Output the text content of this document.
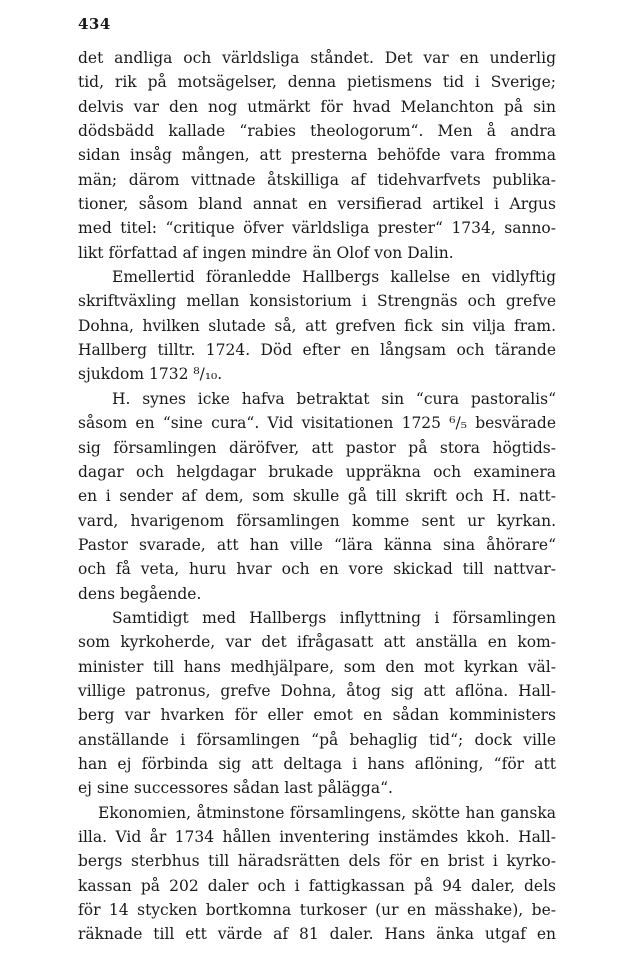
434
det andliga och världsliga ståndet. Det var en underlig
tid, rik på motsägelser, denna pietismens tid i Sverige;
delvis var den nog utmärkt för hvad Melanchton på sin
dödsbädd kallade “rabies theologorum“. Men å andra
sidan insåg mången, att presterna behöfde vara fromma
män; därom vittnade åtskilliga af tidehvarfvets publika-
tioner, såsom bland annat en versifierad artikel i Argus
med titel: “critique öfver världsliga prester“ 1734, sanno-
likt författad af ingen mindre än Olof von Dalin.
Emellertid föranledde Hallbergs kallelse en vidlyftig
skriftväxling mellan konsistorium i Strengnäs och grefve
Dohna, hvilken slutade så, att grefven fick sin vilja fram.
Hallberg tilltr. 1724. Död efter en långsam och tärande
sjukdom 1732 ⁸/₁₀.
H. synes icke hafva betraktat sin “cura pastoralis“
såsom en “sine cura“. Vid visitationen 1725 ⁶/₅ besvärade
sig församlingen däröfver, att pastor på stora högtids-
dagar och helgdagar brukade uppräkna och examinera
en i sender af dem, som skulle gå till skrift och H. natt-
vard, hvarigenom församlingen komme sent ur kyrkan.
Pastor svarade, att han ville “lära känna sina åhörare“
och få veta, huru hvar och en vore skickad till nattvar-
dens begående.
Samtidigt med Hallbergs inflyttning i församlingen
som kyrkoherde, var det ifrågasatt att anställa en kom-
minister till hans medhjälpare, som den mot kyrkan väl-
villige patronus, grefve Dohna, åtog sig att aflöna. Hall-
berg var hvarken för eller emot en sådan komministers
anställande i församlingen “på behaglig tid“; dock ville
han ej förbinda sig att deltaga i hans aflöning, “för att
ej sine successores sådan last pålägga“.
Ekonomien, åtminstone församlingens, skötte han ganska
illa. Vid år 1734 hållen inventering instämdes kkoh. Hall-
bergs sterbhus till häradsrätten dels för en brist i kyrko-
kassan på 202 daler och i fattigkassan på 94 daler, dels
för 14 stycken bortkomna turkoser (ur en mässhake), be-
räknade till ett värde af 81 daler. Hans änka utgaf en
